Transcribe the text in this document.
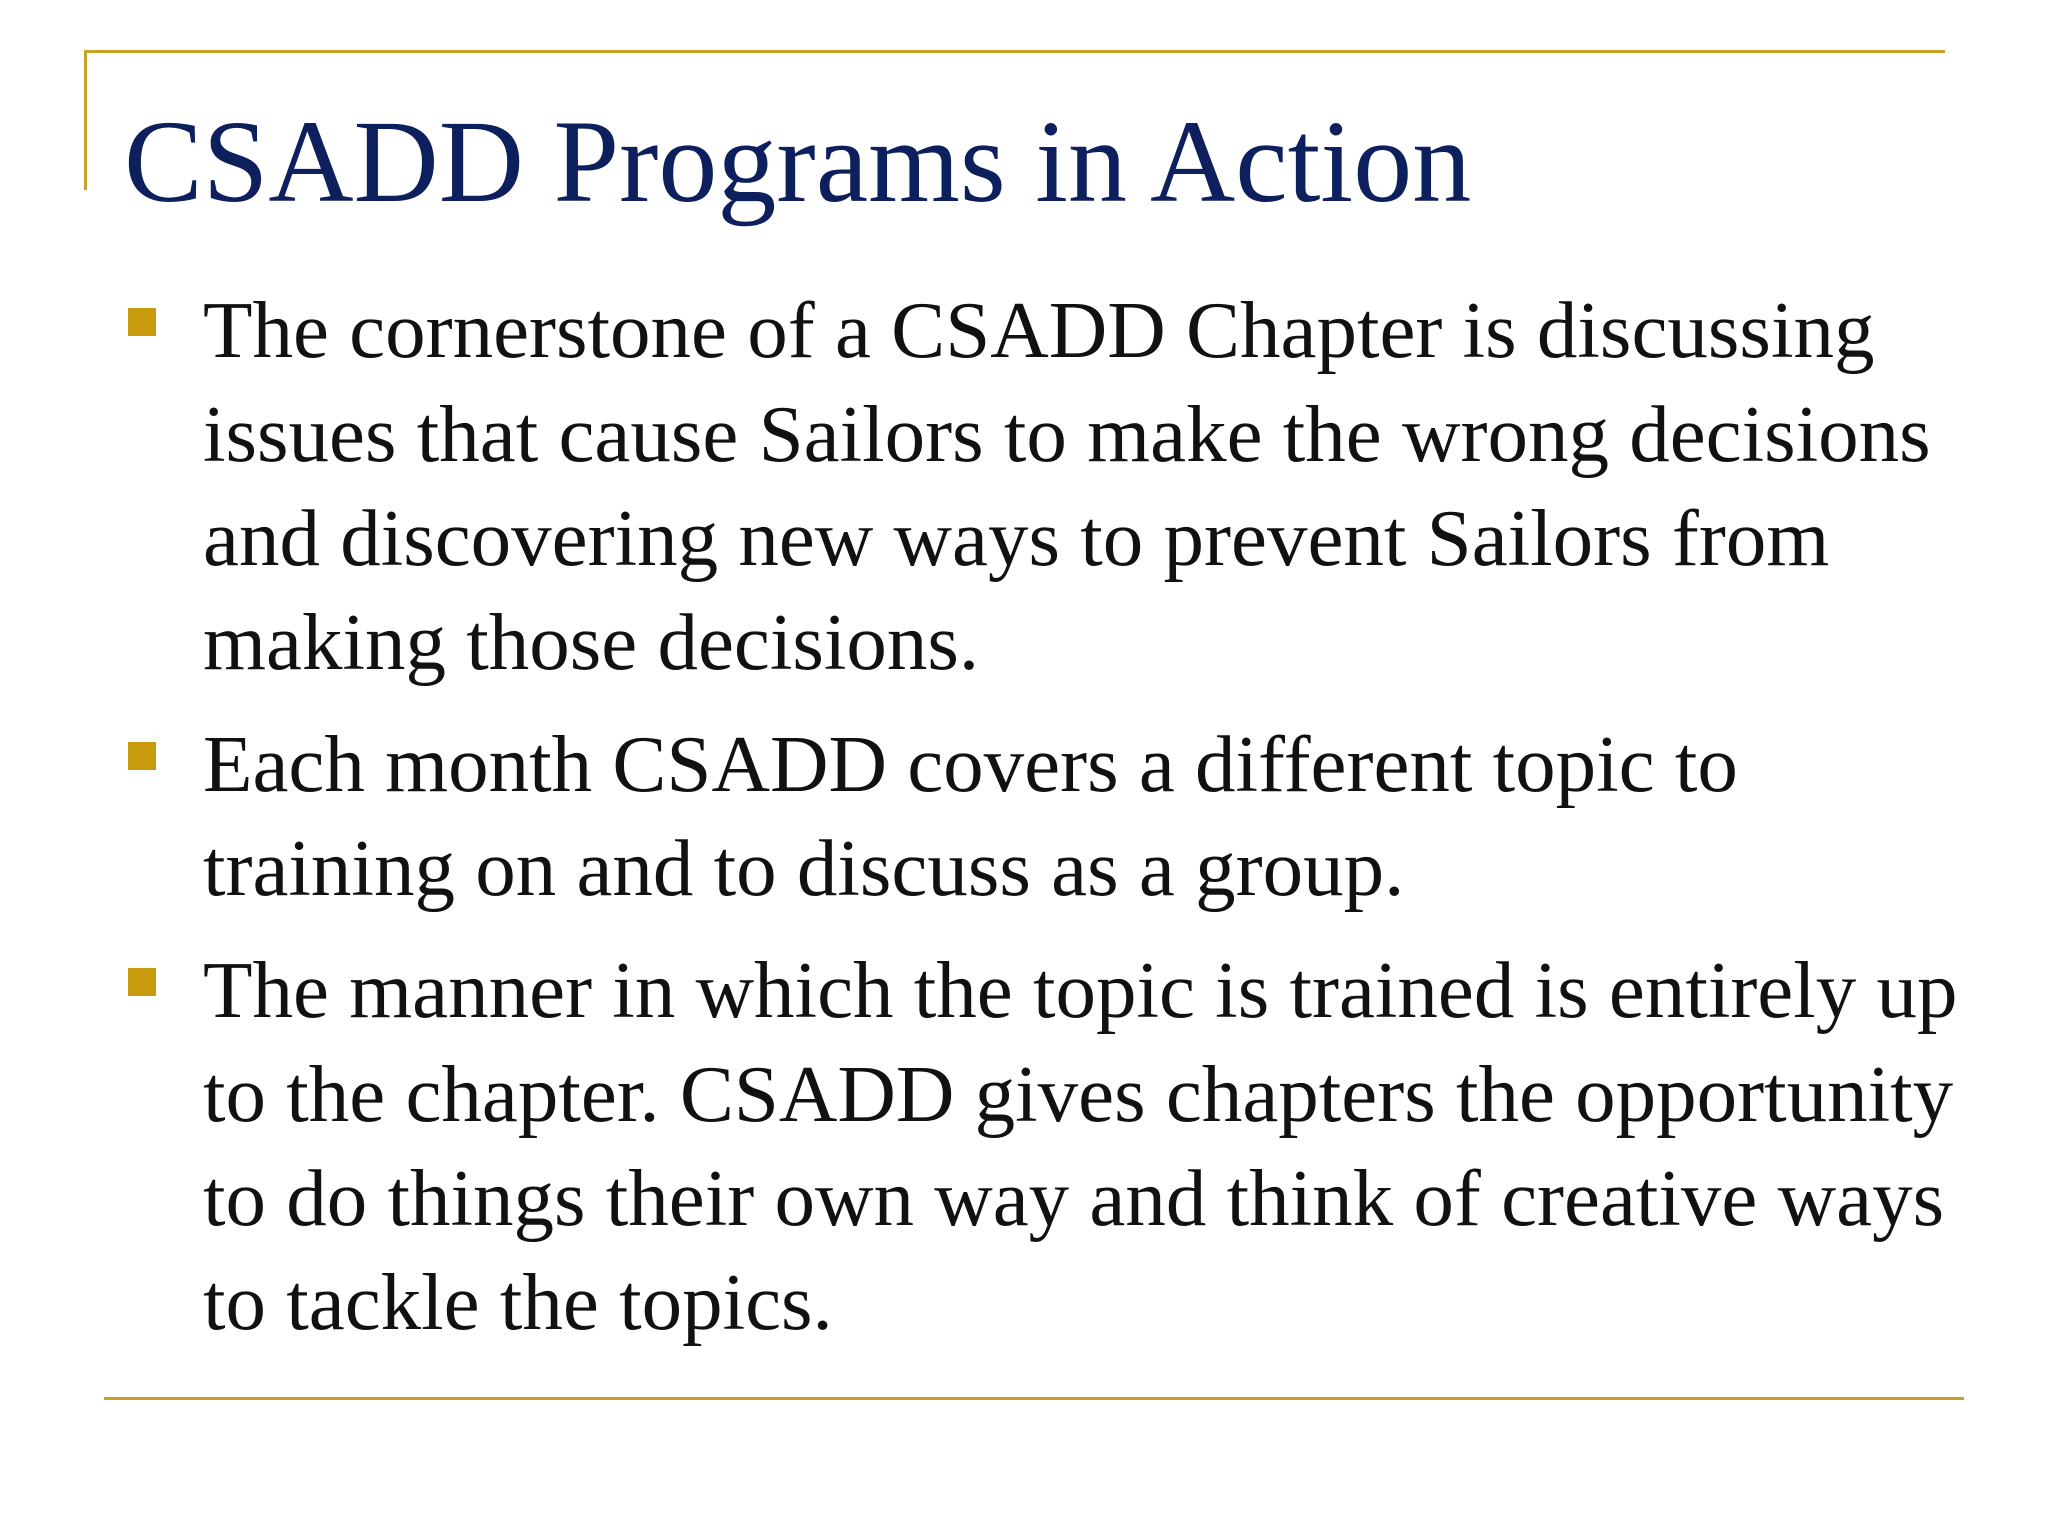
CSADD Programs in Action
The cornerstone of a CSADD Chapter is discussing issues that cause Sailors to make the wrong decisions and discovering new ways to prevent Sailors from making those decisions.
Each month CSADD covers a different topic to training on and to discuss as a group.
The manner in which the topic is trained is entirely up to the chapter. CSADD gives chapters the opportunity to do things their own way and think of creative ways to tackle the topics.
